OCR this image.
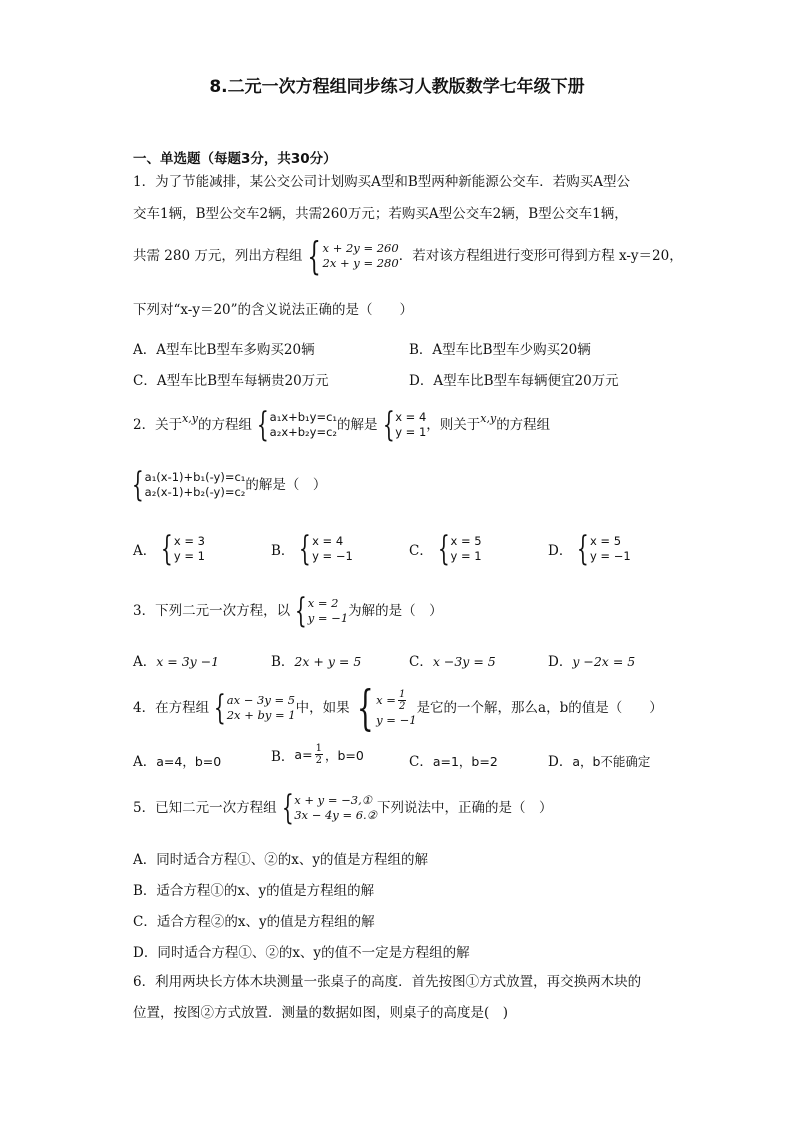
8.二元一次方程组同步练习人教版数学七年级下册
一、单选题（每题3分，共30分）
1．为了节能减排，某公交公司计划购买A型和B型两种新能源公交车．若购买A型公
交车1辆，B型公交车2辆，共需260万元；若购买A型公交车2辆，B型公交车1辆，
共需 280 万元，列出方程组 { x + 2y = 260
2x + y = 280 ．若对该方程组进行变形可得到方程 x-y＝20，
下列对“x-y＝20”的含义说法正确的是（　　）
A．A型车比B型车多购买20辆	B．A型车比B型车少购买20辆
C．A型车比B型车每辆贵20万元	D．A型车比B型车每辆便宜20万元
2．关于 x,y 的方程组 { a₁x+b₁y=c₁
a₂x+b₂y=c₂ 的解是 { x = 4
y = 1 ，则关于 x,y 的方程组
{ a₁(x-1)+b₁(-y)=c₁
a₂(x-1)+b₂(-y)=c₂ 的解是（　）
A． { x = 3
y = 1	B． { x = 4
y = −1	C． { x = 5
y = 1	D． { x = 5
y = −1
3．下列二元一次方程，以 { x = 2
y = −1 为解的是（　）
A．x = 3y −1	B．2x + y = 5	C．x −3y = 5	D．y −2x = 5
4．在方程组 { ax − 3y = 5
2x + by = 1 中，如果 { $x = \frac{1}{2}$
y = −1
是它的一个解，那么a，b的值是（　　）
A．a=4，b=0	B． $a= \frac{1}{2}$ ，b=0	C．a=1，b=2	D．a，b不能确定
5．已知二元一次方程组 { x + y = −3,①
3x − 4y = 6.② 下列说法中，正确的是（　）
A．同时适合方程①、②的x、y的值是方程组的解
B．适合方程①的x、y的值是方程组的解
C．适合方程②的x、y的值是方程组的解
D．同时适合方程①、②的x、y的值不一定是方程组的解
6．利用两块长方体木块测量一张桌子的高度．首先按图①方式放置，再交换两木块的
位置，按图②方式放置．测量的数据如图，则桌子的高度是(　)
